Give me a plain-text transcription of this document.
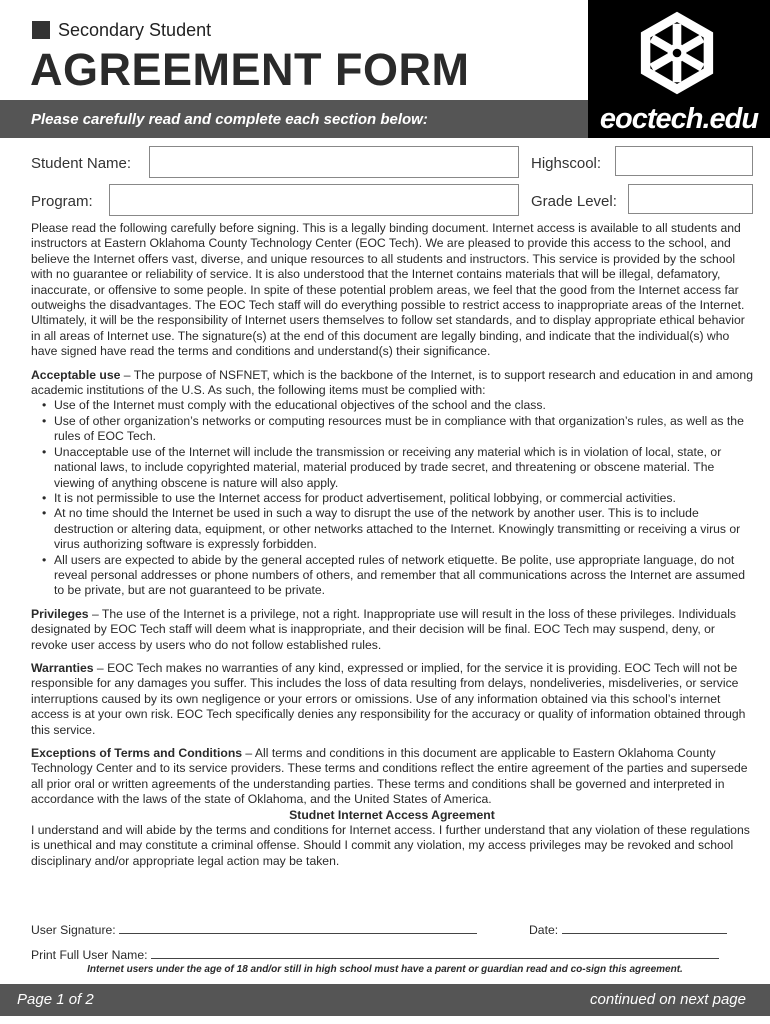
Secondary Student
AGREEMENT FORM
eoctech.edu
Please carefully read and complete each section below:
Student Name:	Highscool:
Program:	Grade Level:

Please read the following carefully before signing. This is a legally binding document. Internet access is available to all students and instructors at Eastern Oklahoma County Technology Center (EOC Tech). We are pleased to provide this access to the school, and believe the Internet offers vast, diverse, and unique resources to all students and instructors. This service is provided by the school with no guarantee or reliability of service. It is also understood that the Internet contains materials that will be illegal, defamatory, inaccurate, or offensive to some people. In spite of these potential problem areas, we feel that the good from the Internet access far outweighs the disadvantages. The EOC Tech staff will do everything possible to restrict access to inappropriate areas of the Internet. Ultimately, it will be the responsibility of Internet users themselves to follow set standards, and to display appropriate ethical behavior in all areas of Internet use. The signature(s) at the end of this document are legally binding, and indicate that the individual(s) who have signed have read the terms and conditions and understand(s) their significance.

Acceptable use – The purpose of NSFNET, which is the backbone of the Internet, is to support research and education in and among academic institutions of the U.S. As such, the following items must be complied with:

• Use of the Internet must comply with the educational objectives of the school and the class.
• Use of other organization’s networks or computing resources must be in compliance with that organization’s rules, as well as the rules of EOC Tech.
• Unacceptable use of the Internet will include the transmission or receiving any material which is in violation of local, state, or national laws, to include copyrighted material, material produced by trade secret, and threatening or obscene material. The viewing of anything obscene is nature will also apply.
• It is not permissible to use the Internet access for product advertisement, political lobbying, or commercial activities.
• At no time should the Internet be used in such a way to disrupt the use of the network by another user. This is to include destruction or altering data, equipment, or other networks attached to the Internet. Knowingly transmitting or receiving a virus or virus authorizing software is expressly forbidden.
• All users are expected to abide by the general accepted rules of network etiquette. Be polite, use appropriate language, do not reveal personal addresses or phone numbers of others, and remember that all communications across the Internet are assumed to be private, but are not guaranteed to be private.

Privileges – The use of the Internet is a privilege, not a right. Inappropriate use will result in the loss of these privileges. Individuals designated by EOC Tech staff will deem what is inappropriate, and their decision will be final. EOC Tech may suspend, deny, or revoke user access by users who do not follow established rules.

Warranties – EOC Tech makes no warranties of any kind, expressed or implied, for the service it is providing. EOC Tech will not be responsible for any damages you suffer. This includes the loss of data resulting from delays, nondeliveries, misdeliveries, or service interruptions caused by its own negligence or your errors or omissions. Use of any information obtained via this school’s internet access is at your own risk. EOC Tech specifically denies any responsibility for the accuracy or quality of information obtained through this service.

Exceptions of Terms and Conditions – All terms and conditions in this document are applicable to Eastern Oklahoma County Technology Center and to its service providers. These terms and conditions reflect the entire agreement of the parties and supersede all prior oral or written agreements of the understanding parties. These terms and conditions shall be governed and interpreted in accordance with the laws of the state of Oklahoma, and the United States of America.

Studnet Internet Access Agreement

I understand and will abide by the terms and conditions for Internet access. I further understand that any violation of these regulations is unethical and may constitute a criminal offense. Should I commit any violation, my access privileges may be revoked and school disciplinary and/or appropriate legal action may be taken.

User Signature:	Date:
Print Full User Name:
Internet users under the age of 18 and/or still in high school must have a parent or guardian read and co-sign this agreement.
Page 1 of 2	continued on next page
